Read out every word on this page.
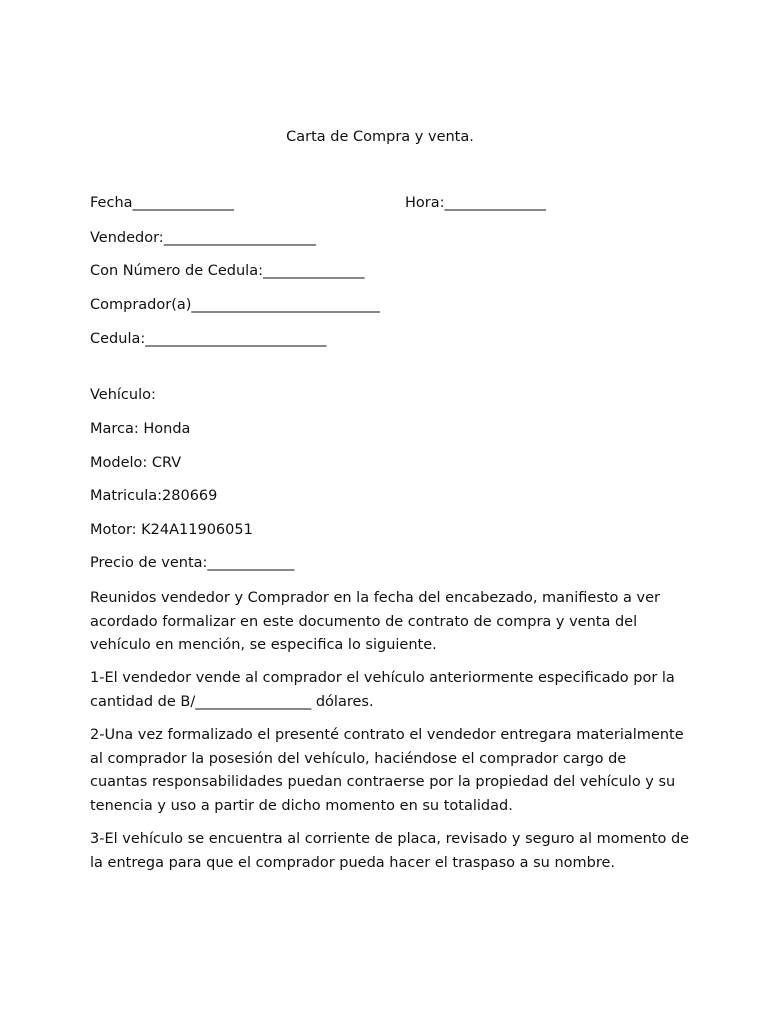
Carta de Compra y venta.
Fecha______________	Hora:______________
Vendedor:_____________________
Con Número de Cedula:______________
Comprador(a)__________________________
Cedula:_________________________
Vehículo:
Marca: Honda
Modelo: CRV
Matricula:280669
Motor: K24A11906051
Precio de venta:____________
Reunidos vendedor y Comprador en la fecha del encabezado, manifiesto a ver
acordado formalizar en este documento de contrato de compra y venta del
vehículo en mención, se especifica lo siguiente.
1-El vendedor vende al comprador el vehículo anteriormente especificado por la
cantidad de B/________________ dólares.
2-Una vez formalizado el presenté contrato el vendedor entregara materialmente
al comprador la posesión del vehículo, haciéndose el comprador cargo de
cuantas responsabilidades puedan contraerse por la propiedad del vehículo y su
tenencia y uso a partir de dicho momento en su totalidad.
3-El vehículo se encuentra al corriente de placa, revisado y seguro al momento de
la entrega para que el comprador pueda hacer el traspaso a su nombre.
